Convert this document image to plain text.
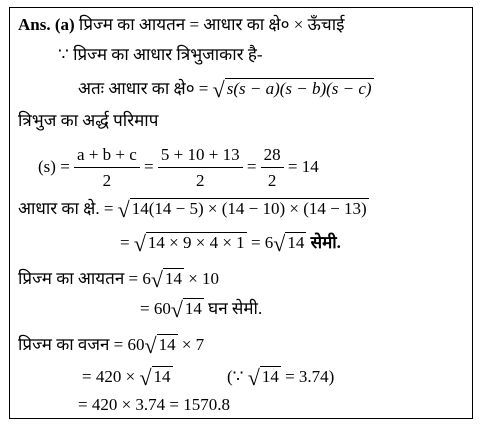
Ans. (a) प्रिज्म का आयतन = आधार का क्षे० × ऊँचाई
∵ प्रिज्म का आधार त्रिभुजाकार है-
अतः आधार का क्षे० = √ s(s − a)(s − b)(s − c)
त्रिभुज का अर्द्ध परिमाप
$(s) = \frac{a + b + c}{2} = \frac{5 + 10 + 13}{2} = \frac{28}{2} = 14$
आधार का क्षे. = √ 14(14 − 5) × (14 − 10) × (14 − 13)
= √ 14 × 9 × 4 × 1 = 6√ 14 सेमी.
प्रिज्म का आयतन = 6√ 14 × 10
= 60√ 14 घन सेमी.
प्रिज्म का वजन = 60√ 14 × 7
= 420 × √ 14	(∵ √ 14 = 3.74)
= 420 × 3.74 = 1570.8
